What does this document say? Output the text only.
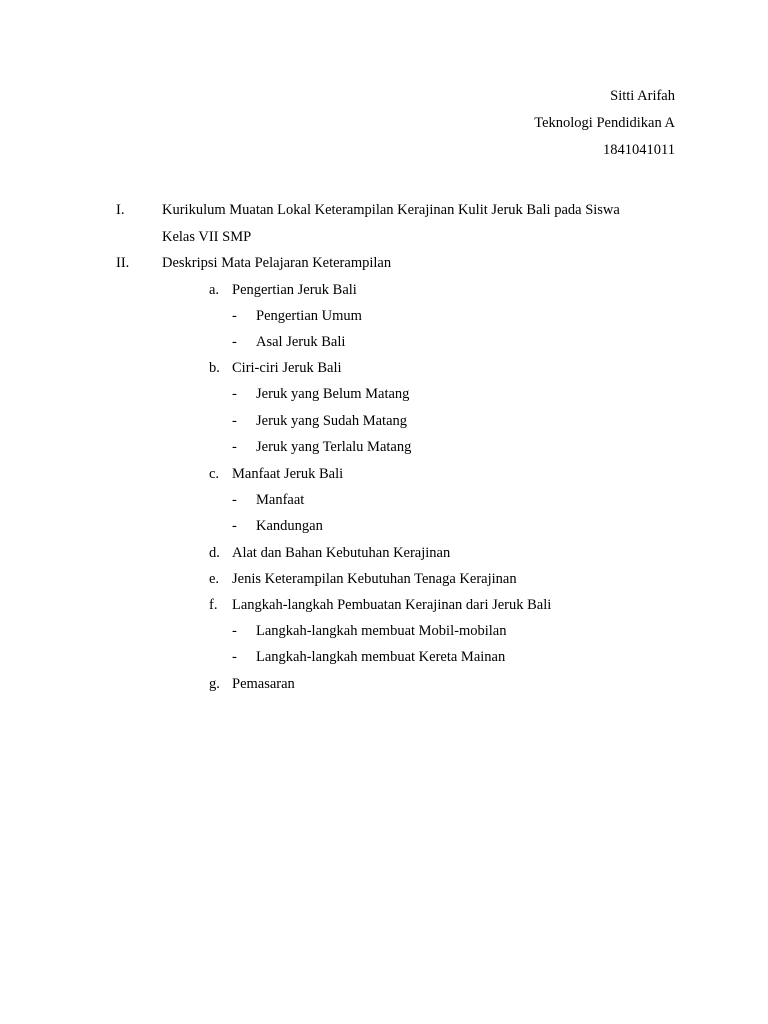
Sitti Arifah
Teknologi Pendidikan A
1841041011
I.	Kurikulum Muatan Lokal Keterampilan Kerajinan Kulit Jeruk Bali pada Siswa
Kelas VII SMP
II. Deskripsi Mata Pelajaran Keterampilan
a. Pengertian Jeruk Bali
- Pengertian Umum
- Asal Jeruk Bali
b. Ciri-ciri Jeruk Bali
- Jeruk yang Belum Matang
- Jeruk yang Sudah Matang
- Jeruk yang Terlalu Matang
c. Manfaat Jeruk Bali
- Manfaat
- Kandungan
d. Alat dan Bahan Kebutuhan Kerajinan
e. Jenis Keterampilan Kebutuhan Tenaga Kerajinan
f. Langkah-langkah Pembuatan Kerajinan dari Jeruk Bali
- Langkah-langkah membuat Mobil-mobilan
- Langkah-langkah membuat Kereta Mainan
g. Pemasaran
